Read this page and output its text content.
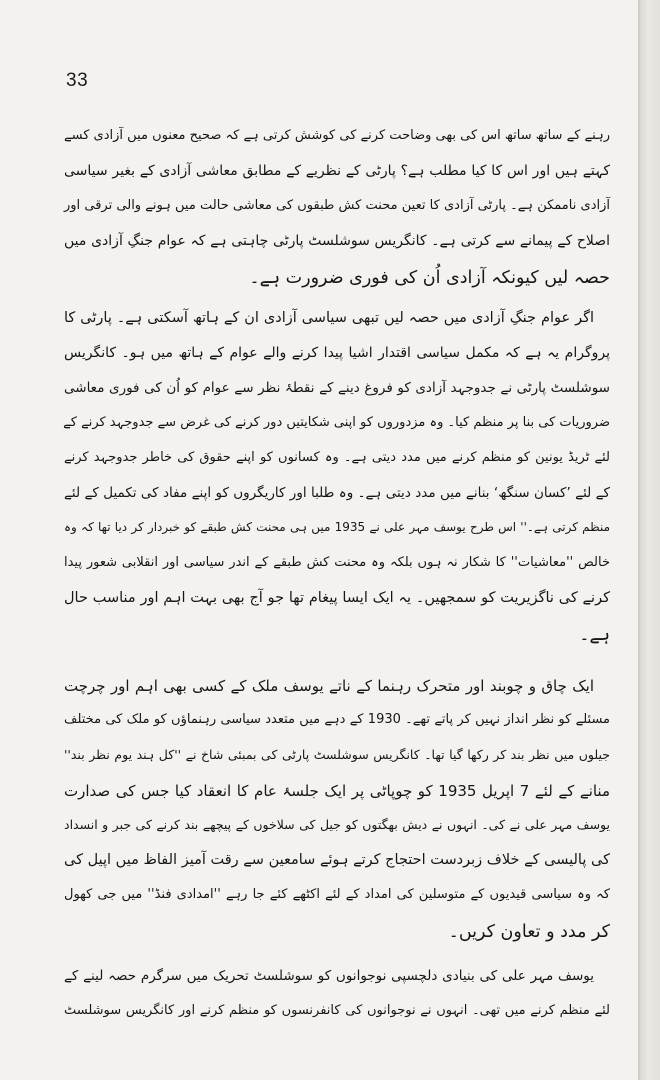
33
رہنے کے ساتھ ساتھ اس کی بھی وضاحت کرنے کی کوشش کرتی ہے کہ صحیح معنوں میں آزادی کسے
کہتے ہیں اور اس کا کیا مطلب ہے؟ پارٹی کے نظریے کے مطابق معاشی آزادی کے بغیر سیاسی
آزادی ناممکن ہے۔ پارٹی آزادی کا تعین محنت کش طبقوں کی معاشی حالت میں ہونے والی ترقی اور
اصلاح کے پیمانے سے کرتی ہے۔ کانگریس سوشلسٹ پارٹی چاہتی ہے کہ عوام جنگِ آزادی میں
حصہ لیں کیونکہ آزادی اُن کی فوری ضرورت ہے۔
اگر عوام جنگِ آزادی میں حصہ لیں تبھی سیاسی آزادی ان کے ہاتھ آسکتی ہے۔ پارٹی کا
پروگرام یہ ہے کہ مکمل سیاسی اقتدار اشیا پیدا کرنے والے عوام کے ہاتھ میں ہو۔ کانگریس
سوشلسٹ پارٹی نے جدوجہد آزادی کو فروغ دینے کے نقطۂ نظر سے عوام کو اُن کی فوری معاشی
ضروریات کی بنا پر منظم کیا۔ وہ مزدوروں کو اپنی شکایتیں دور کرنے کی غرض سے جدوجہد کرنے کے
لئے ٹریڈ یونین کو منظم کرنے میں مدد دیتی ہے۔ وہ کسانوں کو اپنے حقوق کی خاطر جدوجہد کرنے
کے لئے ’کسان سنگھ‘ بنانے میں مدد دیتی ہے۔ وہ طلبا اور کاریگروں کو اپنے مفاد کی تکمیل کے لئے
منظم کرتی ہے۔'' اس طرح یوسف مہر علی نے 1935 میں ہی محنت کش طبقے کو خبردار کر دیا تھا کہ وہ
خالص ''معاشیات'' کا شکار نہ ہوں بلکہ وہ محنت کش طبقے کے اندر سیاسی اور انقلابی شعور پیدا
کرنے کی ناگزیریت کو سمجھیں۔ یہ ایک ایسا پیغام تھا جو آج بھی بہت اہم اور مناسب حال
ہے۔
ایک چاق و چوبند اور متحرک رہنما کے ناتے یوسف ملک کے کسی بھی اہم اور چرچت
مسئلے کو نظر انداز نہیں کر پاتے تھے۔ 1930 کے دہے میں متعدد سیاسی رہنماؤں کو ملک کی مختلف
جیلوں میں نظر بند کر رکھا گیا تھا۔ کانگریس سوشلسٹ پارٹی کی بمبئی شاخ نے ''کل ہند یوم نظر بند''
منانے کے لئے 7 اپریل 1935 کو چوپاٹی پر ایک جلسۂ عام کا انعقاد کیا جس کی صدارت
یوسف مہر علی نے کی۔ انہوں نے دیش بھگتوں کو جیل کی سلاخوں کے پیچھے بند کرنے کی جبر و انسداد
کی پالیسی کے خلاف زبردست احتجاج کرتے ہوئے سامعین سے رقت آمیز الفاظ میں اپیل کی
کہ وہ سیاسی قیدیوں کے متوسلین کی امداد کے لئے اکٹھے کئے جا رہے ''امدادی فنڈ'' میں جی کھول
کر مدد و تعاون کریں۔
یوسف مہر علی کی بنیادی دلچسپی نوجوانوں کو سوشلسٹ تحریک میں سرگرم حصہ لینے کے
لئے منظم کرنے میں تھی۔ انہوں نے نوجوانوں کی کانفرنسوں کو منظم کرنے اور کانگریس سوشلسٹ
